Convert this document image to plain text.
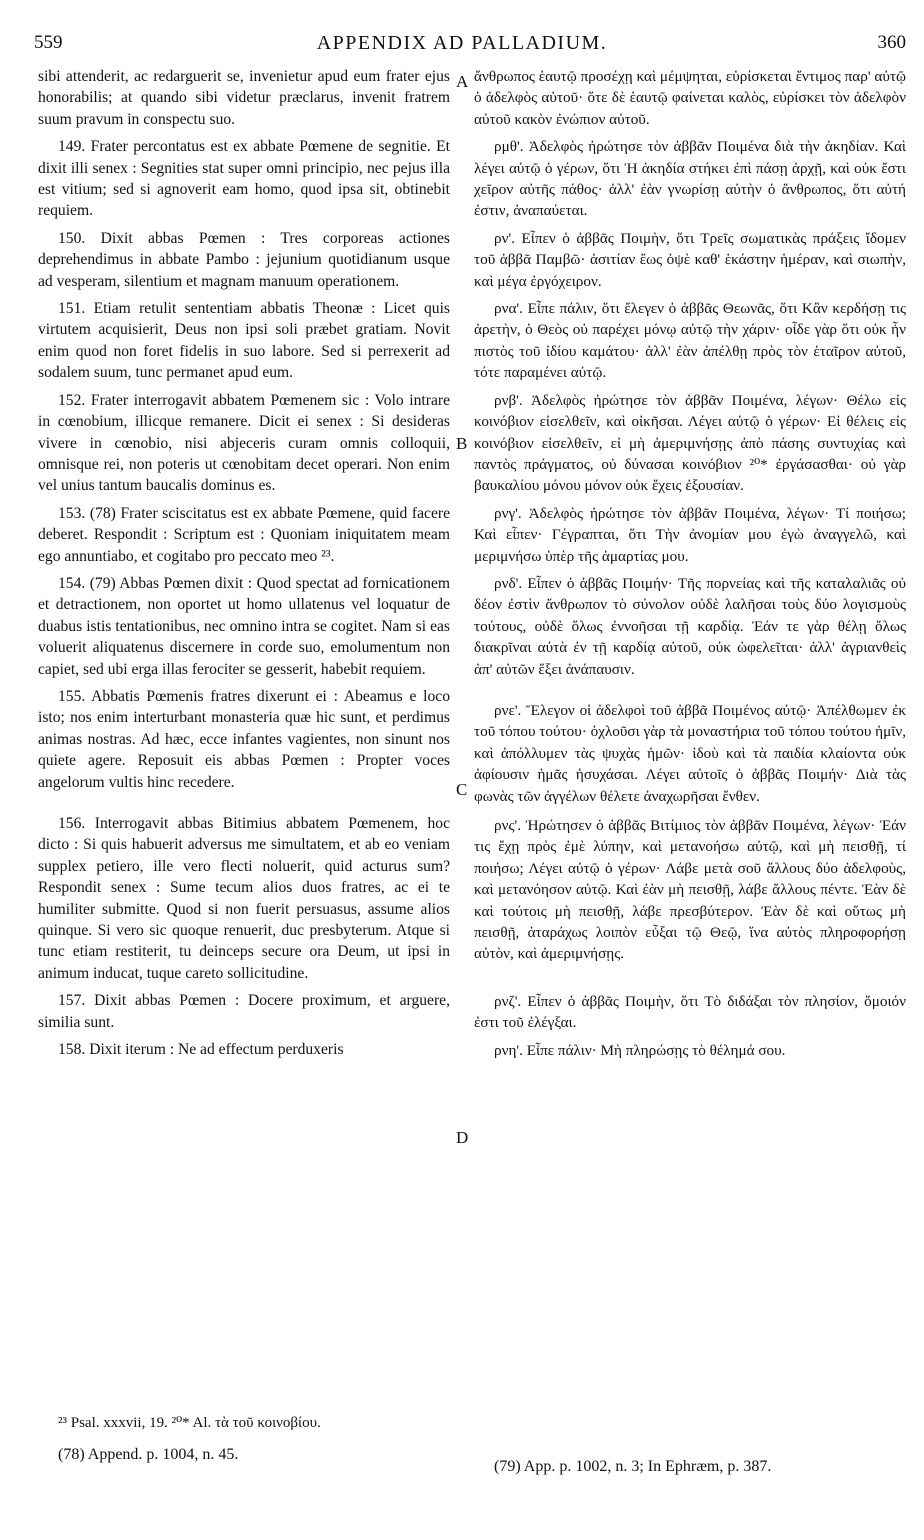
559	APPENDIX AD PALLADIUM.	360

sibi attenderit, ac redarguerit se, invenietur apud eum frater ejus honorabilis; at quando sibi videtur præclarus, invenit fratrem suum pravum in conspectu suo.

149. Frater percontatus est ex abbate Pœmene de segnitie. Et dixit illi senex : Segnities stat super omni principio, nec pejus illa est vitium; sed si agnoverit eam homo, quod ipsa sit, obtinebit requiem.

150. Dixit abbas Pœmen : Tres corporeas actiones deprehendimus in abbate Pambo : jejunium quotidianum usque ad vesperam, silentium et magnam manuum operationem.

151. Etiam retulit sententiam abbatis Theonæ : Licet quis virtutem acquisierit, Deus non ipsi soli præbet gratiam. Novit enim quod non foret fidelis in suo labore. Sed si perrexerit ad sodalem suum, tunc permanet apud eum.

152. Frater interrogavit abbatem Pœmenem sic : Volo intrare in cœnobium, illicque remanere. Dicit ei senex : Si desideras vivere in cœnobio, nisi abjeceris curam omnis colloquii, omnisque rei, non poteris ut cœnobitam decet operari. Non enim vel unius tantum baucalis dominus es.

153. (78) Frater sciscitatus est ex abbate Pœmene, quid facere deberet. Respondit : Scriptum est : Quoniam iniquitatem meam ego annuntiabo, et cogitabo pro peccato meo ²³.

154. (79) Abbas Pœmen dixit : Quod spectat ad fornicationem et detractionem, non oportet ut homo ullatenus vel loquatur de duabus istis tentationibus, nec omnino intra se cogitet. Nam si eas voluerit aliquatenus discernere in corde suo, emolumentum non capiet, sed ubi erga illas ferociter se gesserit, habebit requiem.

155. Abbatis Pœmenis fratres dixerunt ei : Abeamus e loco isto; nos enim interturbant monasteria quæ hic sunt, et perdimus animas nostras. Ad hæc, ecce infantes vagientes, non sinunt nos quiete agere. Reposuit eis abbas Pœmen : Propter voces angelorum vultis hinc recedere.

156. Interrogavit abbas Bitimius abbatem Pœmenem, hoc dicto : Si quis habuerit adversus me simultatem, et ab eo veniam supplex petiero, ille vero flecti noluerit, quid acturus sum? Respondit senex : Sume tecum alios duos fratres, ac ei te humiliter submitte. Quod si non fuerit persuasus, assume alios quinque. Si vero sic quoque renuerit, duc presbyterum. Atque si tunc etiam restiterit, tu deinceps secure ora Deum, ut ipsi in animum inducat, tuque careto sollicitudine.

157. Dixit abbas Pœmen : Docere proximum, et arguere, similia sunt.

158. Dixit iterum : Ne ad effectum perduxeris

A
B
C
D

ἄνθρωπος ἑαυτῷ προσέχῃ καὶ μέμψηται, εὑρίσκεται ἔντιμος παρ' αὐτῷ ὁ ἀδελφὸς αὐτοῦ· ὅτε δὲ ἑαυτῷ φαίνεται καλὸς, εὑρίσκει τὸν ἀδελφὸν αὐτοῦ κακὸν ἐνώπιον αὐτοῦ.

ρμθ'. Ἀδελφὸς ἠρώτησε τὸν ἀββᾶν Ποιμένα διὰ τὴν ἀκηδίαν. Καὶ λέγει αὐτῷ ὁ γέρων, ὅτι Ἡ ἀκηδία στήκει ἐπὶ πάσῃ ἀρχῇ, καὶ οὐκ ἔστι χεῖρον αὐτῆς πάθος· ἀλλ' ἐὰν γνωρίσῃ αὐτὴν ὁ ἄνθρωπος, ὅτι αὐτή ἐστιν, ἀναπαύεται.

ρν'. Εἶπεν ὁ ἀββᾶς Ποιμὴν, ὅτι Τρεῖς σωματικὰς πράξεις ἴδομεν τοῦ ἀββᾶ Παμβῶ· ἀσιτίαν ἕως ὀψὲ καθ' ἑκάστην ἡμέραν, καὶ σιωπὴν, καὶ μέγα ἐργόχειρον.

ρνα'. Εἶπε πάλιν, ὅτι ἔλεγεν ὁ ἀββᾶς Θεωνᾶς, ὅτι Κἂν κερδήσῃ τις ἀρετὴν, ὁ Θεὸς οὐ παρέχει μόνῳ αὐτῷ τὴν χάριν· οἶδε γὰρ ὅτι οὐκ ἦν πιστὸς τοῦ ἰδίου καμάτου· ἀλλ' ἐὰν ἀπέλθῃ πρὸς τὸν ἑταῖρον αὐτοῦ, τότε παραμένει αὐτῷ.

ρνβ'. Ἀδελφὸς ἠρώτησε τὸν ἀββᾶν Ποιμένα, λέγων· Θέλω εἰς κοινόβιον εἰσελθεῖν, καὶ οἰκῆσαι. Λέγει αὐτῷ ὁ γέρων· Εἰ θέλεις εἰς κοινόβιον εἰσελθεῖν, εἰ μὴ ἀμεριμνήσῃς ἀπὸ πάσης συντυχίας καὶ παντὸς πράγματος, οὐ δύνασαι κοινόβιον ²⁰* ἐργάσασθαι· οὐ γὰρ βαυκαλίου μόνου μόνον οὐκ ἔχεις ἐξουσίαν.

ρνγ'. Ἀδελφὸς ἠρώτησε τὸν ἀββᾶν Ποιμένα, λέγων· Τί ποιήσω; Καὶ εἶπεν· Γέγραπται, ὅτι Τὴν ἀνομίαν μου ἐγὼ ἀναγγελῶ, καὶ μεριμνήσω ὑπὲρ τῆς ἁμαρτίας μου.

ρνδ'. Εἶπεν ὁ ἀββᾶς Ποιμήν· Τῆς πορνείας καὶ τῆς καταλαλιᾶς οὐ δέον ἐστὶν ἄνθρωπον τὸ σύνολον οὐδὲ λαλῆσαι τοὺς δύο λογισμοὺς τούτους, οὐδὲ ὅλως ἐννοῆσαι τῇ καρδίᾳ. Ἐάν τε γὰρ θέλῃ ὅλως διακρῖναι αὐτὰ ἐν τῇ καρδίᾳ αὐτοῦ, οὐκ ὠφελεῖται· ἀλλ' ἀγριανθεὶς ἀπ' αὐτῶν ἕξει ἀνάπαυσιν.

ρνε'. Ἔλεγον οἱ ἀδελφοὶ τοῦ ἀββᾶ Ποιμένος αὐτῷ· Ἀπέλθωμεν ἐκ τοῦ τόπου τούτου· ὀχλοῦσι γὰρ τὰ μοναστήρια τοῦ τόπου τούτου ἡμῖν, καὶ ἀπόλλυμεν τὰς ψυχὰς ἡμῶν· ἰδοὺ καὶ τὰ παιδία κλαίοντα οὐκ ἀφίουσιν ἡμᾶς ἡσυχάσαι. Λέγει αὐτοῖς ὁ ἀββᾶς Ποιμήν· Διὰ τὰς φωνὰς τῶν ἀγγέλων θέλετε ἀναχωρῆσαι ἔνθεν.

ρνς'. Ἠρώτησεν ὁ ἀββᾶς Βιτίμιος τὸν ἀββᾶν Ποιμένα, λέγων· Ἐάν τις ἔχῃ πρὸς ἐμὲ λύπην, καὶ μετανοήσω αὐτῷ, καὶ μὴ πεισθῇ, τί ποιήσω; Λέγει αὐτῷ ὁ γέρων· Λάβε μετὰ σοῦ ἄλλους δύο ἀδελφοὺς, καὶ μετανόησον αὐτῷ. Καὶ ἐὰν μὴ πεισθῇ, λάβε ἄλλους πέντε. Ἐὰν δὲ καὶ τούτοις μὴ πεισθῇ, λάβε πρεσβύτερον. Ἐὰν δὲ καὶ οὕτως μὴ πεισθῇ, ἀταράχως λοιπὸν εὖξαι τῷ Θεῷ, ἵνα αὐτὸς πληροφορήσῃ αὐτὸν, καὶ ἀμεριμνήσῃς.

ρνζ'. Εἶπεν ὁ ἀββᾶς Ποιμὴν, ὅτι Τὸ διδάξαι τὸν πλησίον, ὅμοιόν ἐστι τοῦ ἐλέγξαι.

ρνη'. Εἶπε πάλιν· Μὴ πληρώσῃς τὸ θέλημά σου.

²³ Psal. xxxvii, 19. ²⁰* Al. τὰ τοῦ κοινοβίου.
(78) Append. p. 1004, n. 45.
(79) App. p. 1002, n. 3; In Ephræm, p. 387.
